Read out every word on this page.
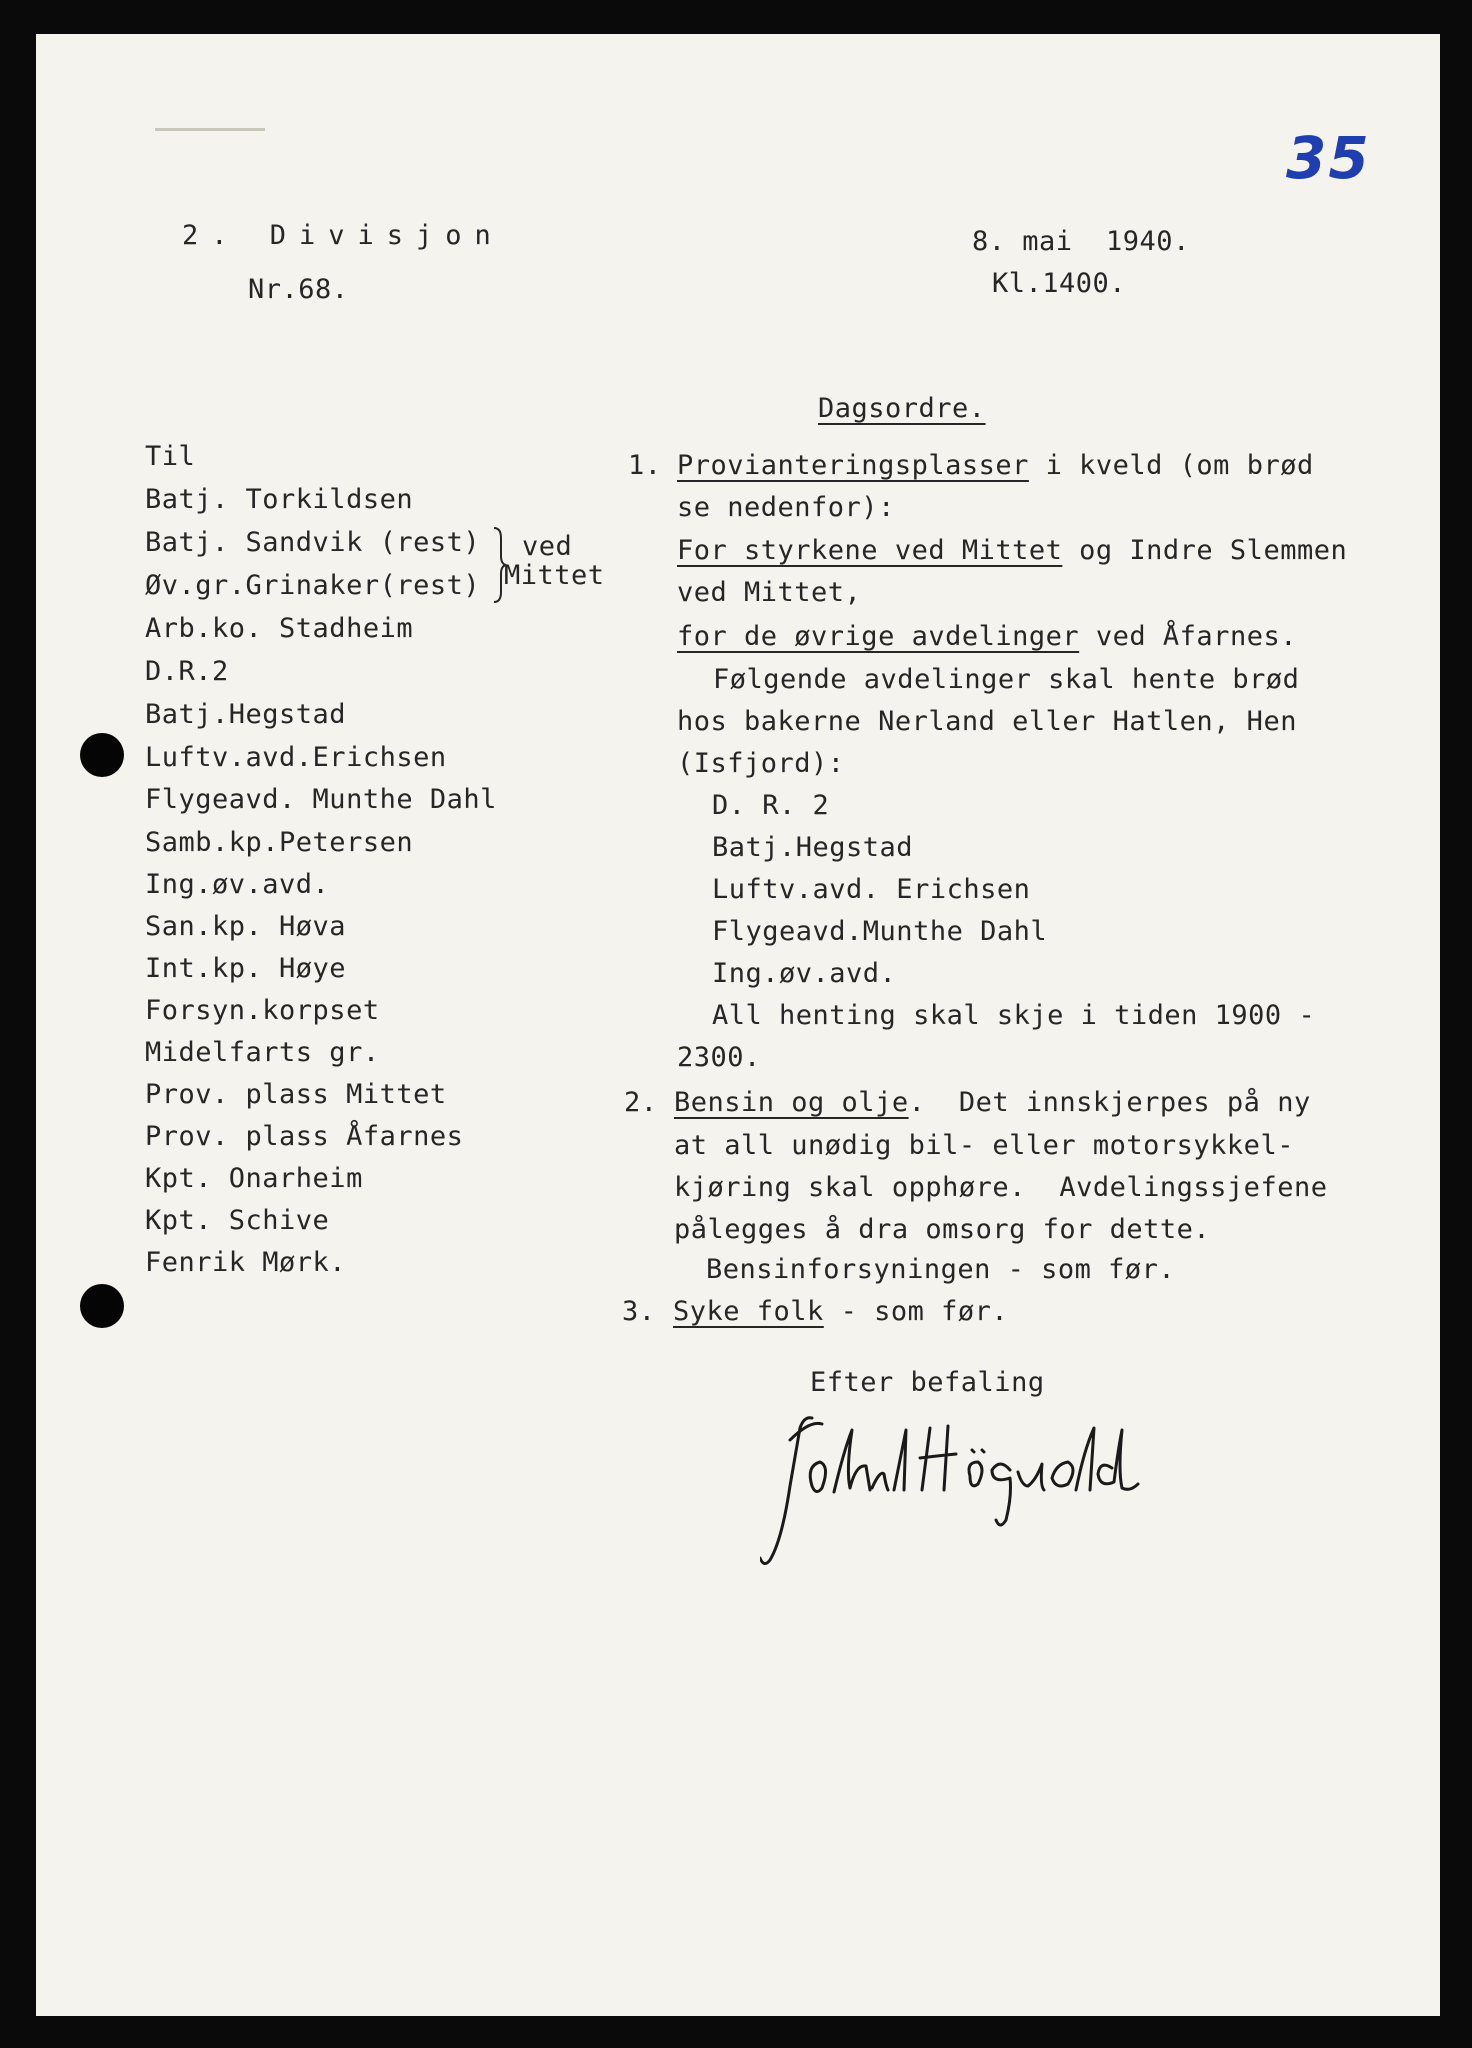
35
2. Divisjon
Nr.68.
8. mai  1940.
Kl.1400.
Dagsordre.
Til
Batj. Torkildsen
Batj. Sandvik (rest)
Øv.gr.Grinaker(rest)
Arb.ko. Stadheim
D.R.2
Batj.Hegstad
Luftv.avd.Erichsen
Flygeavd. Munthe Dahl
Samb.kp.Petersen
Ing.øv.avd.
San.kp. Høva
Int.kp. Høye
Forsyn.korpset
Midelfarts gr.
Prov. plass Mittet
Prov. plass Åfarnes
Kpt. Onarheim
Kpt. Schive
Fenrik Mørk.
ved
Mittet
1. Provianteringsplasser i kveld (om brød
se nedenfor):
For styrkene ved Mittet og Indre Slemmen
ved Mittet,
for de øvrige avdelinger ved Åfarnes.
Følgende avdelinger skal hente brød
hos bakerne Nerland eller Hatlen, Hen
(Isfjord):
D. R. 2
Batj.Hegstad
Luftv.avd. Erichsen
Flygeavd.Munthe Dahl
Ing.øv.avd.
All henting skal skje i tiden 1900 -
2300.
2. Bensin og olje.  Det innskjerpes på ny
at all unødig bil- eller motorsykkel-
kjøring skal opphøre.  Avdelingssjefene
pålegges å dra omsorg for dette.
Bensinforsyningen - som før.
3. Syke folk - som før.
Efter befaling
